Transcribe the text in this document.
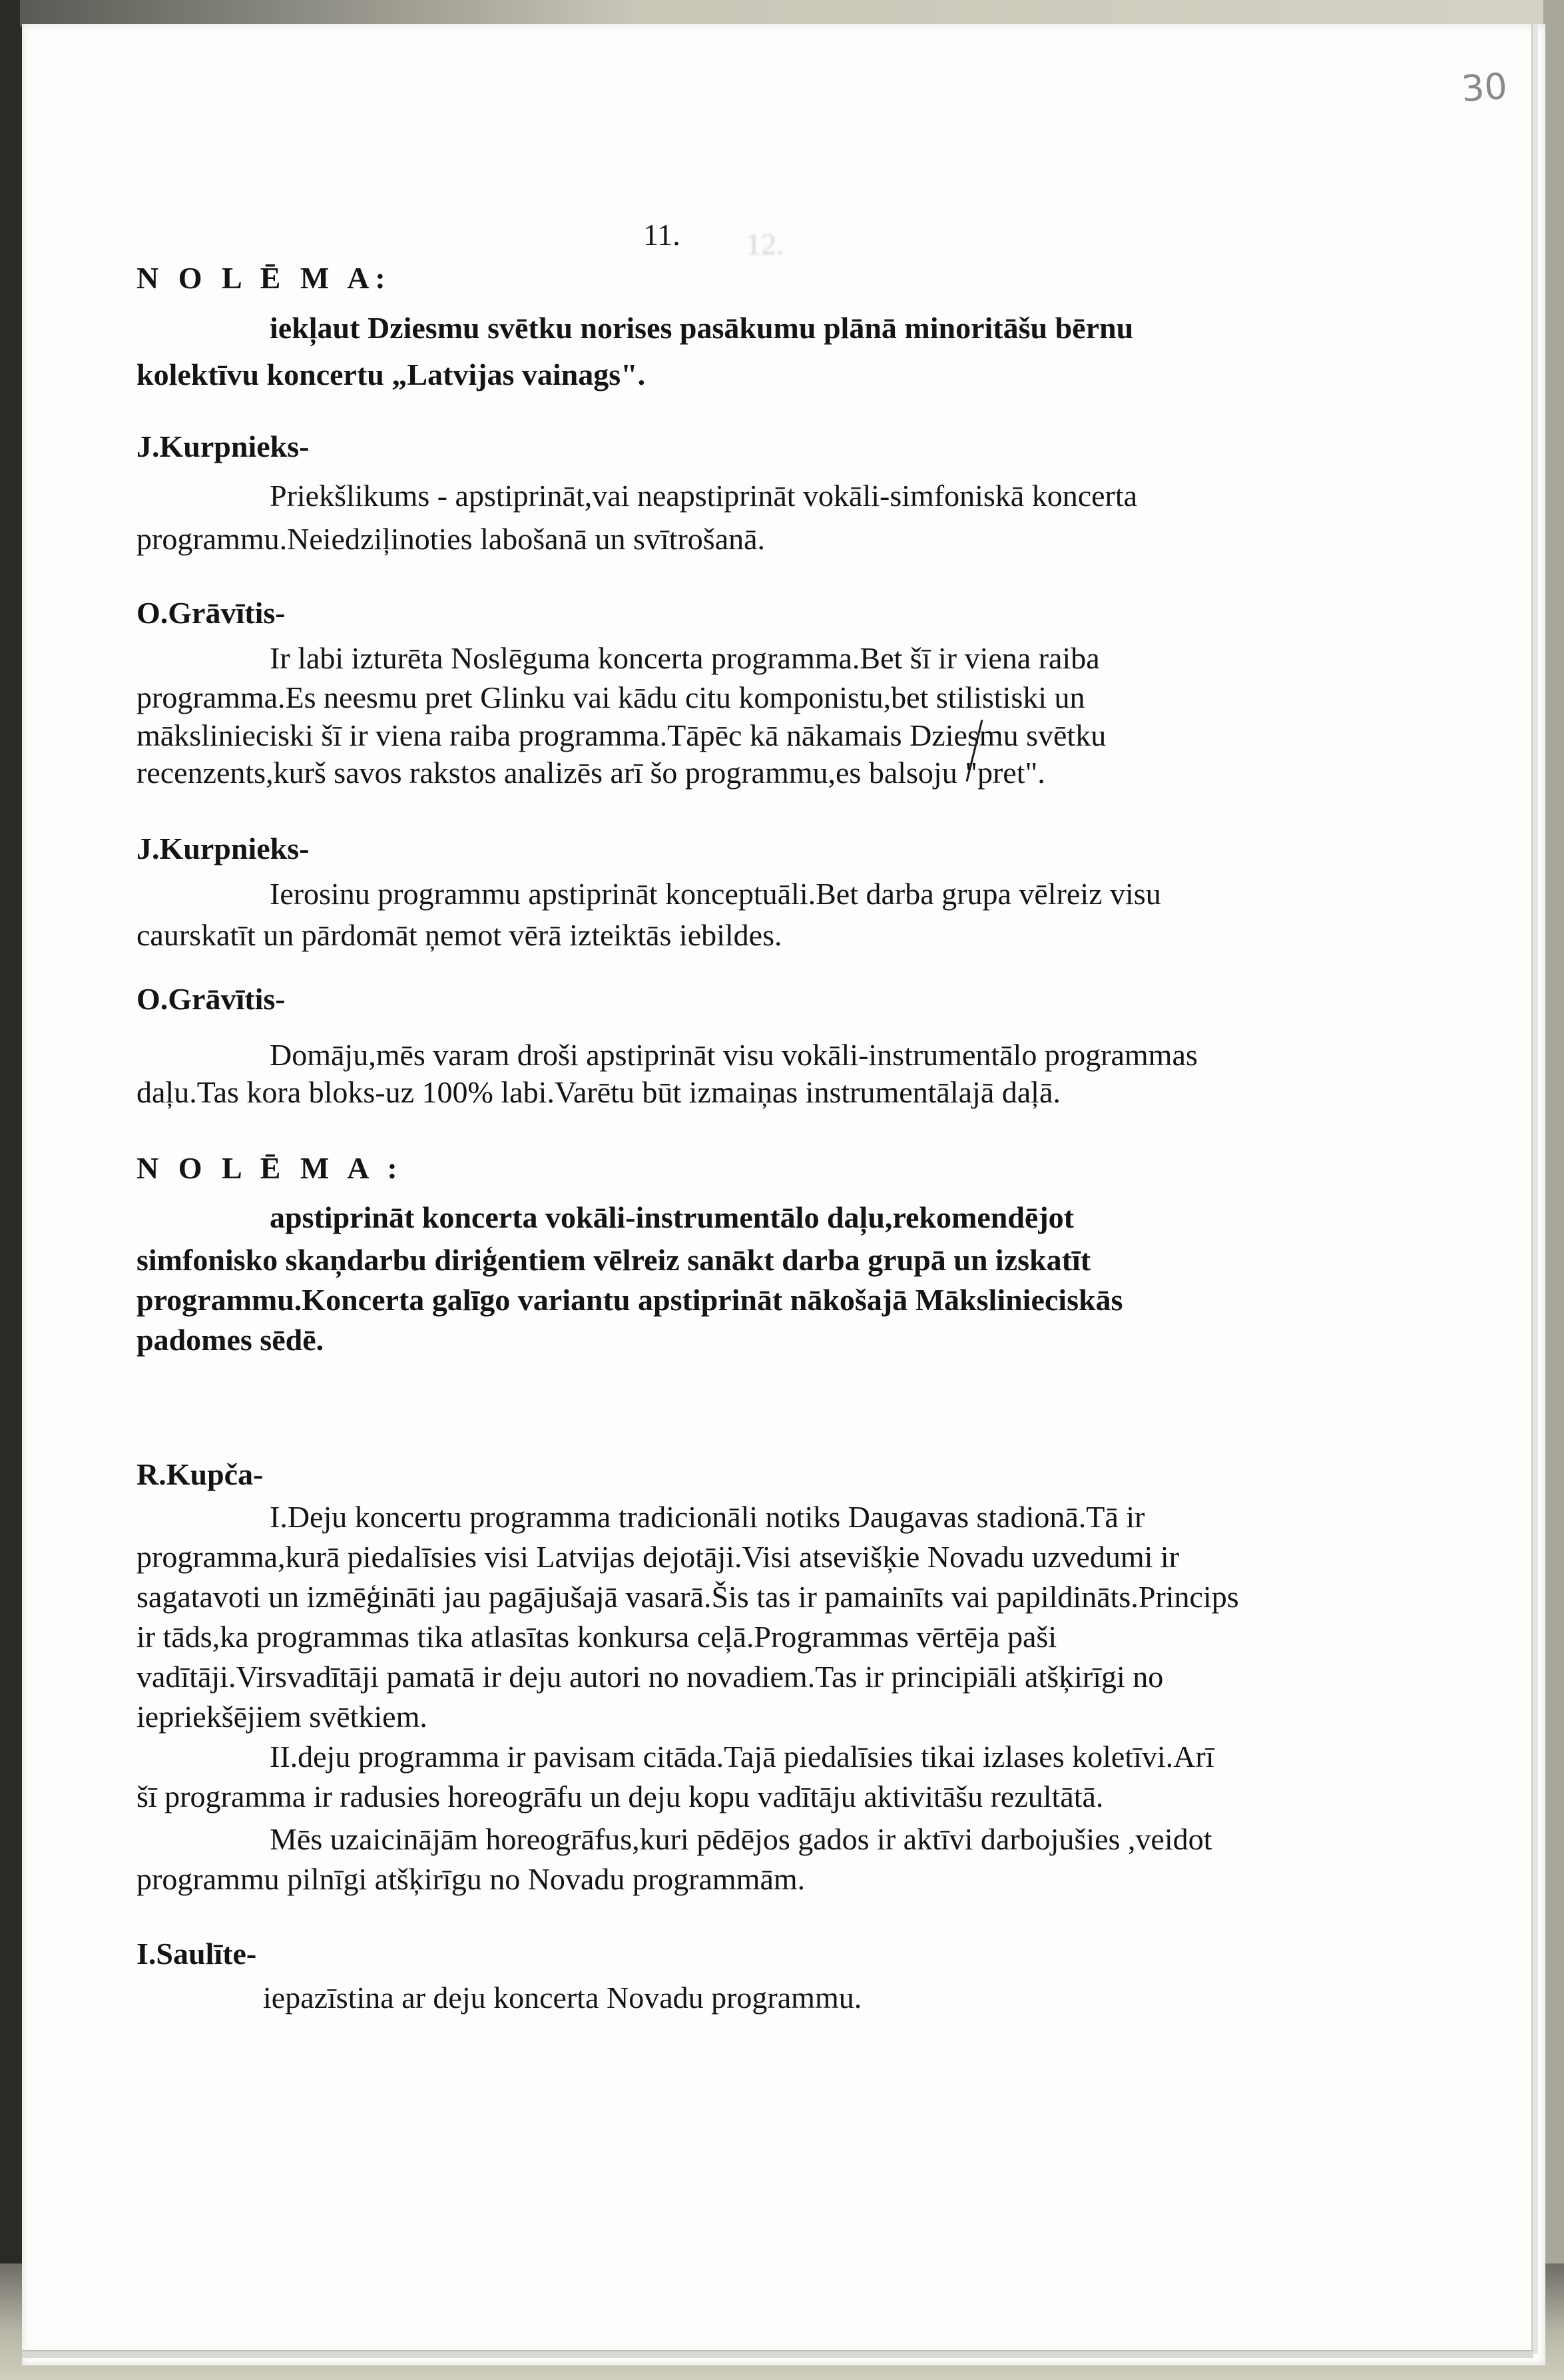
30
11. 12.
N O L Ē M A:
iekļaut Dziesmu svētku norises pasākumu plānā minoritāšu bērnu
kolektīvu koncertu „Latvijas vainags".
J.Kurpnieks-
Priekšlikums - apstiprināt,vai neapstiprināt vokāli-simfoniskā koncerta
programmu.Neiedziļinoties labošanā un svītrošanā.
O.Grāvītis-
Ir labi izturēta Noslēguma koncerta programma.Bet šī ir viena raiba
programma.Es neesmu pret Glinku vai kādu citu komponistu,bet stilistiski un
mākslinieciski šī ir viena raiba programma.Tāpēc kā nākamais Dziesmu svētku
recenzents,kurš savos rakstos analizēs arī šo programmu,es balsoju "pret".
J.Kurpnieks-
Ierosinu programmu apstiprināt konceptuāli.Bet darba grupa vēlreiz visu
caurskatīt un pārdomāt ņemot vērā izteiktās iebildes.
O.Grāvītis-
Domāju,mēs varam droši apstiprināt visu vokāli-instrumentālo programmas
daļu.Tas kora bloks-uz 100% labi.Varētu būt izmaiņas instrumentālajā daļā.
N O L Ē M A :
apstiprināt koncerta vokāli-instrumentālo daļu,rekomendējot
simfonisko skaņdarbu diriģentiem vēlreiz sanākt darba grupā un izskatīt
programmu.Koncerta galīgo variantu apstiprināt nākošajā Mākslinieciskās
padomes sēdē.
R.Kupča-
I.Deju koncertu programma tradicionāli notiks Daugavas stadionā.Tā ir
programma,kurā piedalīsies visi Latvijas dejotāji.Visi atsevišķie Novadu uzvedumi ir
sagatavoti un izmēģināti jau pagājušajā vasarā.Šis tas ir pamainīts vai papildināts.Princips
ir tāds,ka programmas tika atlasītas konkursa ceļā.Programmas vērtēja paši
vadītāji.Virsvadītāji pamatā ir deju autori no novadiem.Tas ir principiāli atšķirīgi no
iepriekšējiem svētkiem.
II.deju programma ir pavisam citāda.Tajā piedalīsies tikai izlases koletīvi.Arī
šī programma ir radusies horeogrāfu un deju kopu vadītāju aktivitāšu rezultātā.
Mēs uzaicinājām horeogrāfus,kuri pēdējos gados ir aktīvi darbojušies ,veidot
programmu pilnīgi atšķirīgu no Novadu programmām.
I.Saulīte-
iepazīstina ar deju koncerta Novadu programmu.
